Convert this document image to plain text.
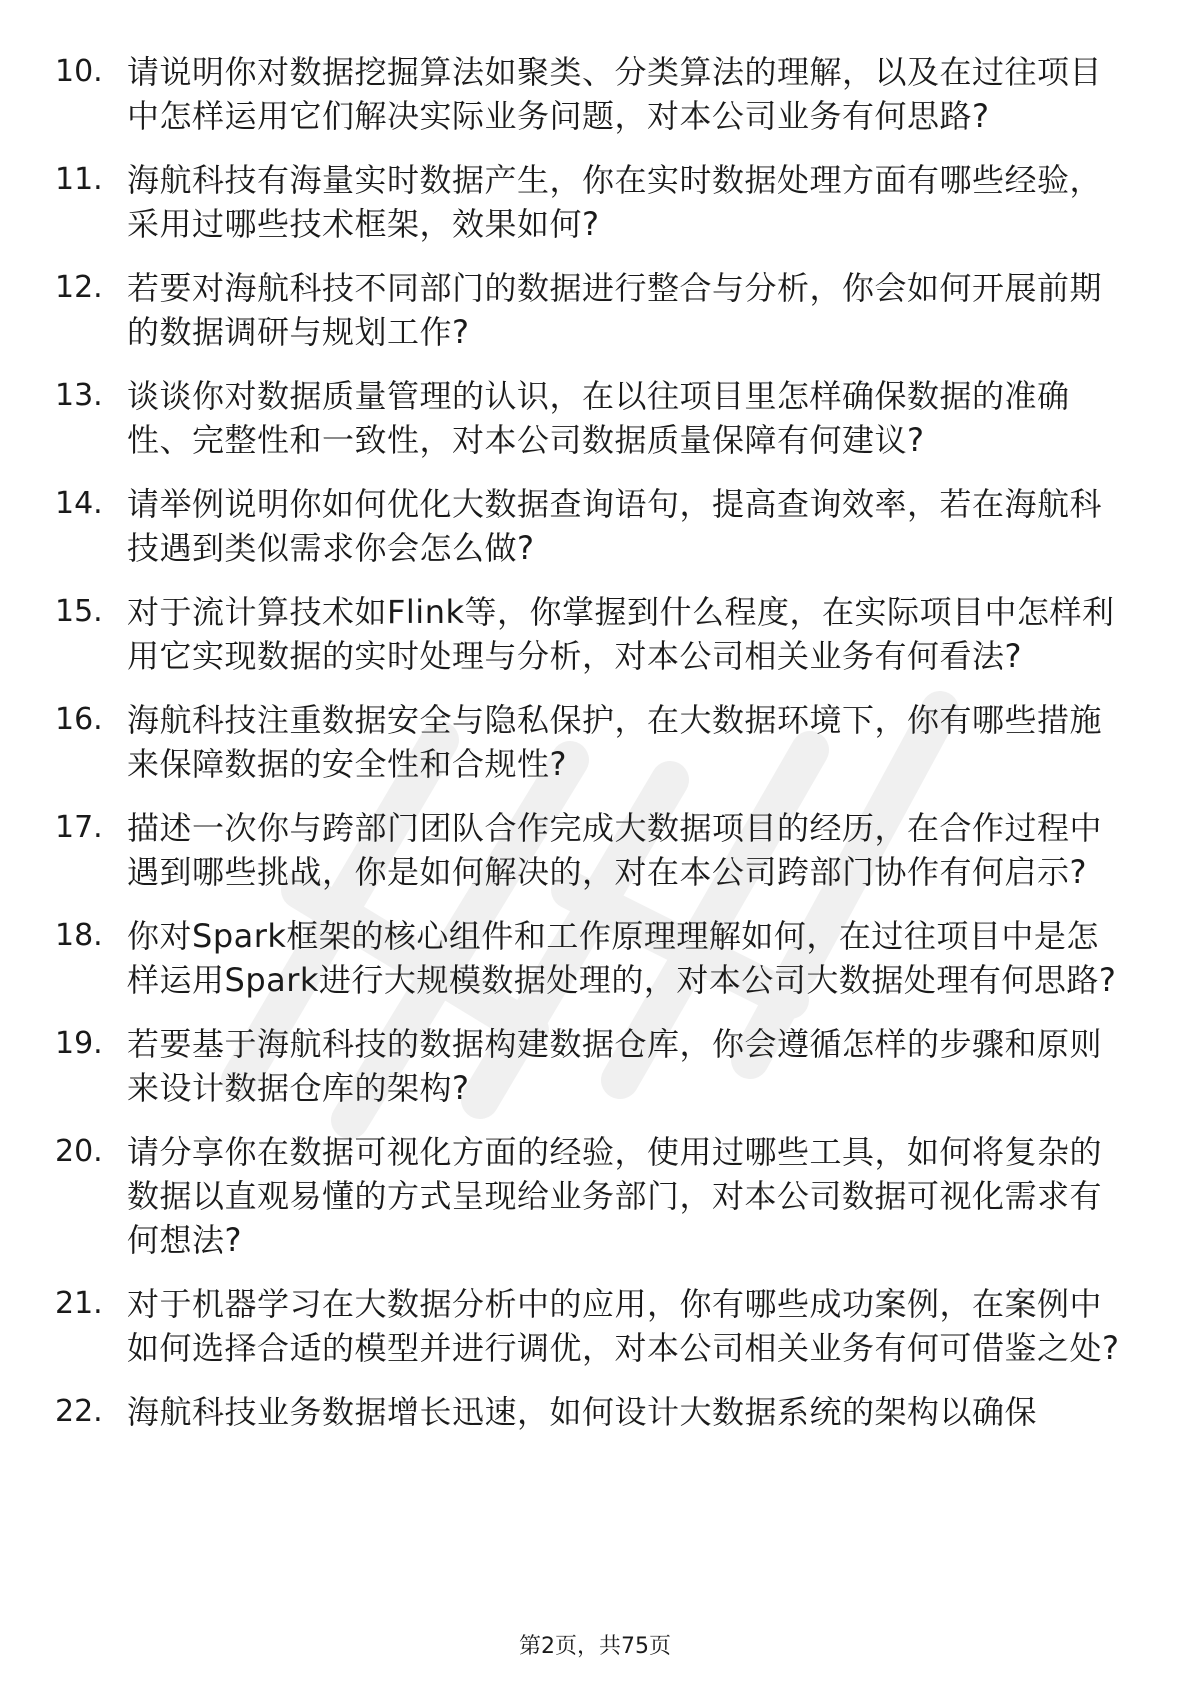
10. 请说明你对数据挖掘算法如聚类、分类算法的理解，以及在过往项目中怎样运用它们解决实际业务问题，对本公司业务有何思路?
11. 海航科技有海量实时数据产生，你在实时数据处理方面有哪些经验，采用过哪些技术框架，效果如何?
12. 若要对海航科技不同部门的数据进行整合与分析，你会如何开展前期的数据调研与规划工作?
13. 谈谈你对数据质量管理的认识，在以往项目里怎样确保数据的准确性、完整性和一致性，对本公司数据质量保障有何建议?
14. 请举例说明你如何优化大数据查询语句，提高查询效率，若在海航科技遇到类似需求你会怎么做?
15. 对于流计算技术如Flink等，你掌握到什么程度，在实际项目中怎样利用它实现数据的实时处理与分析，对本公司相关业务有何看法?
16. 海航科技注重数据安全与隐私保护，在大数据环境下，你有哪些措施来保障数据的安全性和合规性?
17. 描述一次你与跨部门团队合作完成大数据项目的经历，在合作过程中遇到哪些挑战，你是如何解决的，对在本公司跨部门协作有何启示?
18. 你对Spark框架的核心组件和工作原理理解如何，在过往项目中是怎样运用Spark进行大规模数据处理的，对本公司大数据处理有何思路?
19. 若要基于海航科技的数据构建数据仓库，你会遵循怎样的步骤和原则来设计数据仓库的架构?
20. 请分享你在数据可视化方面的经验，使用过哪些工具，如何将复杂的数据以直观易懂的方式呈现给业务部门，对本公司数据可视化需求有何想法?
21. 对于机器学习在大数据分析中的应用，你有哪些成功案例，在案例中如何选择合适的模型并进行调优，对本公司相关业务有何可借鉴之处?
22. 海航科技业务数据增长迅速，如何设计大数据系统的架构以确保
第2页，共75页
